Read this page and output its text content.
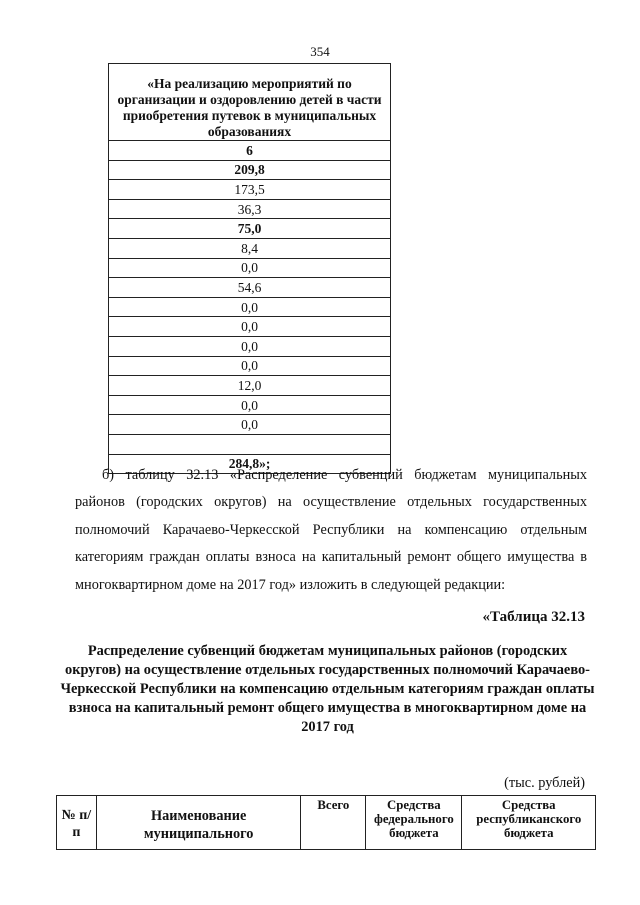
354
«На реализацию мероприятий по организации и оздоровлению детей в части приобретения путевок в муниципальных образованиях
6
209,8
173,5
36,3
75,0
8,4
0,0
54,6
0,0
0,0
0,0
0,0
12,0
0,0
0,0

284,8»;
б) таблицу 32.13 «Распределение субвенций бюджетам муниципальных районов (городских округов) на осуществление отдельных государственных полномочий Карачаево-Черкесской Республики на компенсацию отдельным категориям граждан оплаты взноса на капитальный ремонт общего имущества в многоквартирном доме на 2017 год» изложить в следующей редакции:
«Таблица 32.13
Распределение субвенций бюджетам муниципальных районов (городских округов) на осуществление отдельных государственных полномочий Карачаево-Черкесской Республики на компенсацию отдельным категориям граждан оплаты взноса на капитальный ремонт общего имущества в многоквартирном доме на 2017 год
(тыс. рублей)
№ п/п	Наименование муниципального	Всего	Средства федерального бюджета	Средства республиканского бюджета
